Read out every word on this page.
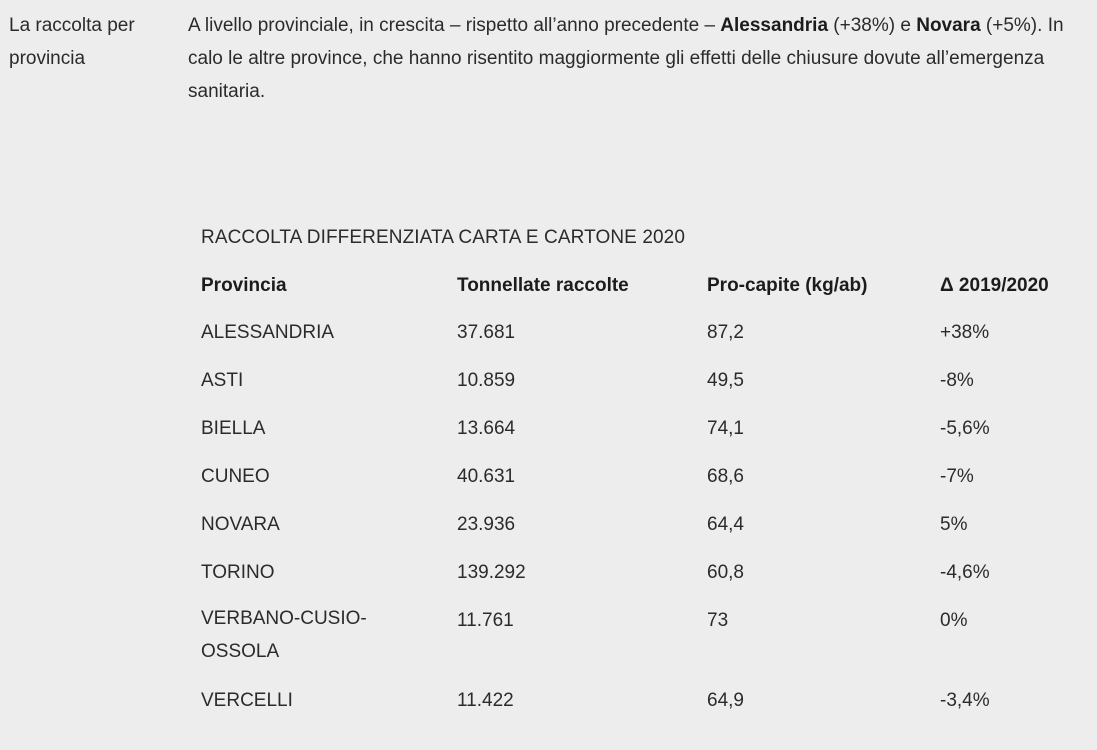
La raccolta per provincia
A livello provinciale, in crescita – rispetto all’anno precedente – Alessandria (+38%) e Novara (+5%). In calo le altre province, che hanno risentito maggiormente gli effetti delle chiusure dovute all’emergenza sanitaria.
RACCOLTA DIFFERENZIATA CARTA E CARTONE 2020
Provincia	Tonnellate raccolte	Pro-capite (kg/ab)	Δ 2019/2020
ALESSANDRIA	37.681	87,2	+38%
ASTI	10.859	49,5	-8%
BIELLA	13.664	74,1	-5,6%
CUNEO	40.631	68,6	-7%
NOVARA	23.936	64,4	5%
TORINO	139.292	60,8	-4,6%
VERBANO-CUSIO-OSSOLA	11.761	73	0%
VERCELLI	11.422	64,9	-3,4%
